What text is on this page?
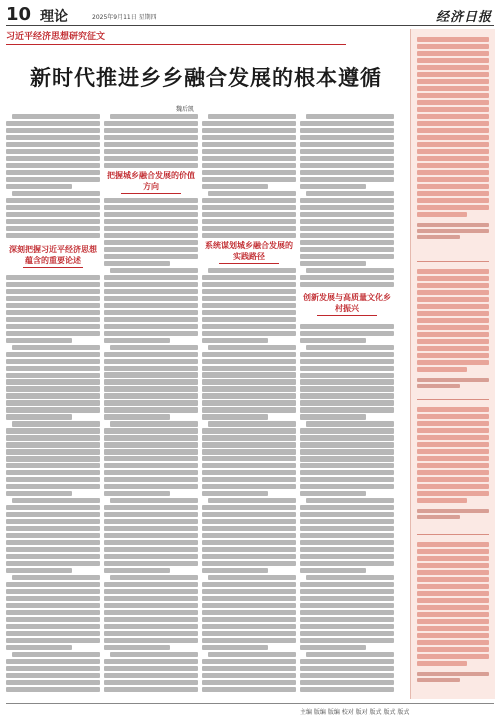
10 理论	2025年9月11日 星期四	经济日报
习近平经济思想研究征文
新时代推进乡乡融合发展的根本遵循
魏后凯
深刻把握习近平经济思想蕴含的重要论述
把握城乡融合发展的价值方向
系统谋划城乡融合发展的实践路径
创新发展与高质量文化乡村振兴
主编 版编 版编 校对 版对 版式 版式 版式
